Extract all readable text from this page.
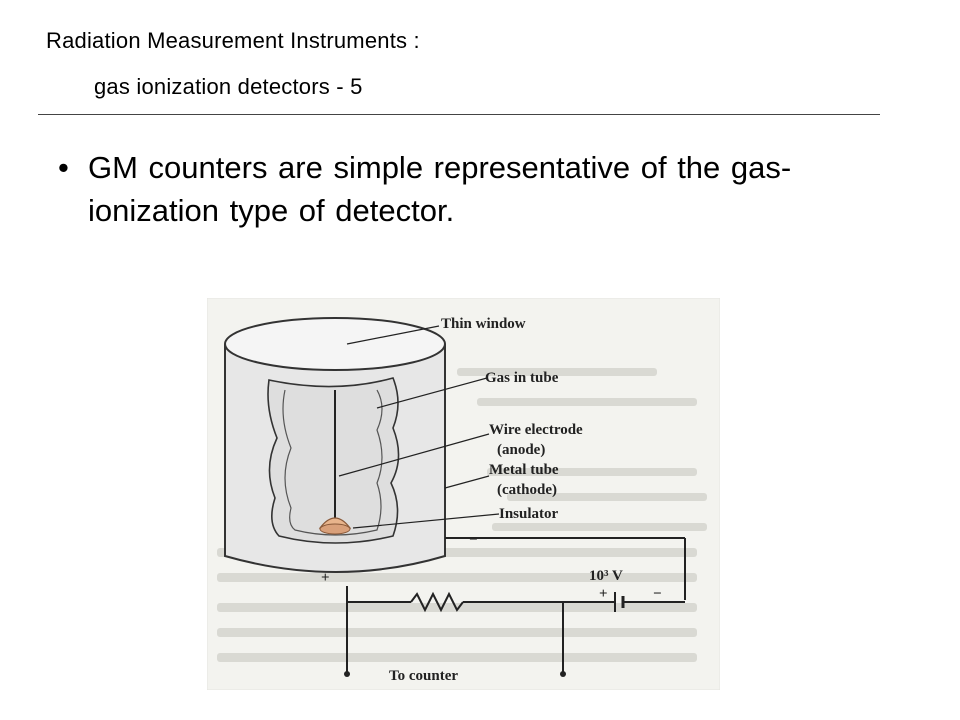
Radiation Measurement Instruments :
gas ionization detectors - 5
• GM counters are simple representative of the gas-ionization type of detector.
Thin window
Gas in tube
Wire electrode
(anode)
Metal tube
(cathode)
Insulator
+
−
10³ V
+	−
To counter
